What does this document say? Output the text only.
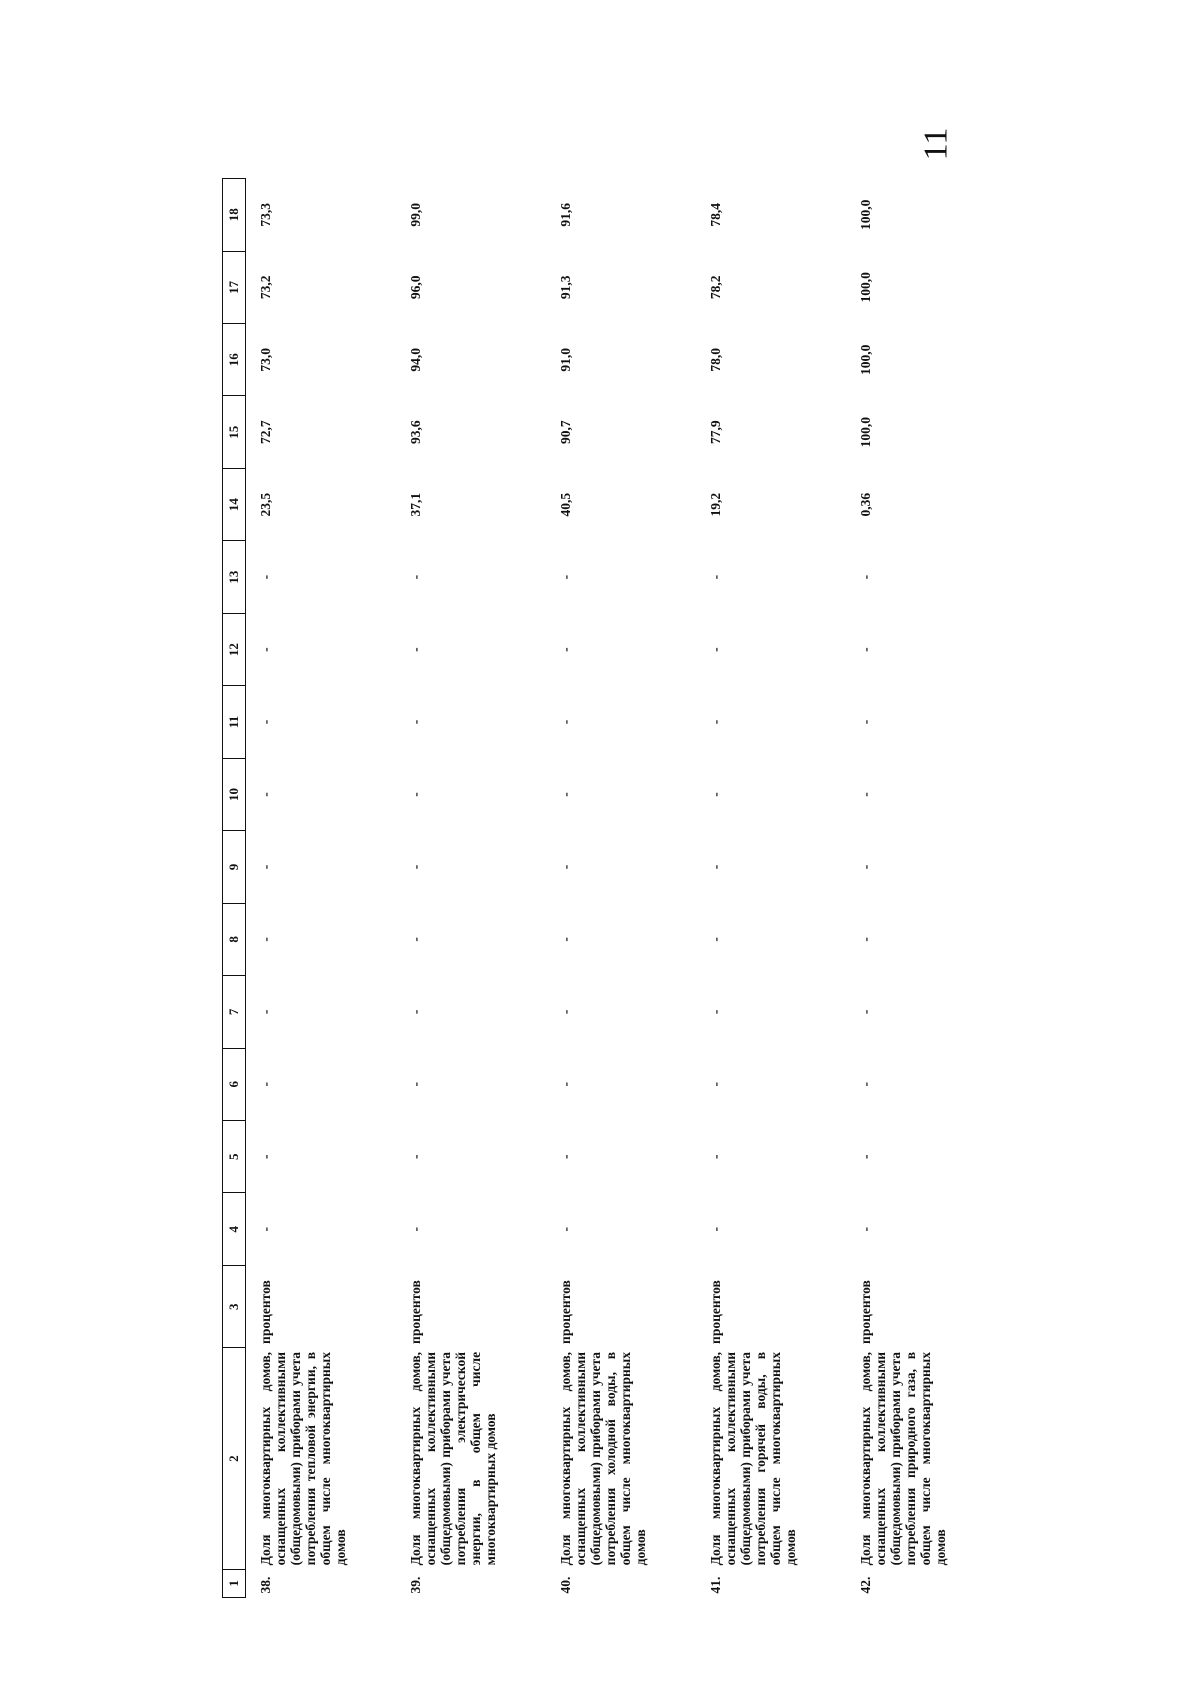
11
1	2	3	4	5	6	7	8	9	10	11	12	13	14	15	16	17	18
38.	Доля многоквартирных домов, оснащенных коллективными (общедомовыми) приборами учета потребления тепловой энергии, в общем числе многоквартирных домов	процентов	-	-	-	-	-	-	-	-	-	-	23,5	72,7	73,0	73,2	73,3
39.	Доля многоквартирных домов, оснащенных коллективными (общедомовыми) приборами учета потребления электрической энергии, в общем числе многоквартирных домов	процентов	-	-	-	-	-	-	-	-	-	-	37,1	93,6	94,0	96,0	99,0
40.	Доля многоквартирных домов, оснащенных коллективными (общедомовыми) приборами учета потребления холодной воды, в общем числе многоквартирных домов	процентов	-	-	-	-	-	-	-	-	-	-	40,5	90,7	91,0	91,3	91,6
41.	Доля многоквартирных домов, оснащенных коллективными (общедомовыми) приборами учета потребления горячей воды, в общем числе многоквартирных домов	процентов	-	-	-	-	-	-	-	-	-	-	19,2	77,9	78,0	78,2	78,4
42.	Доля многоквартирных домов, оснащенных коллективными (общедомовыми) приборами учета потребления природного газа, в общем числе многоквартирных домов	процентов	-	-	-	-	-	-	-	-	-	-	0,36	100,0	100,0	100,0	100,0
